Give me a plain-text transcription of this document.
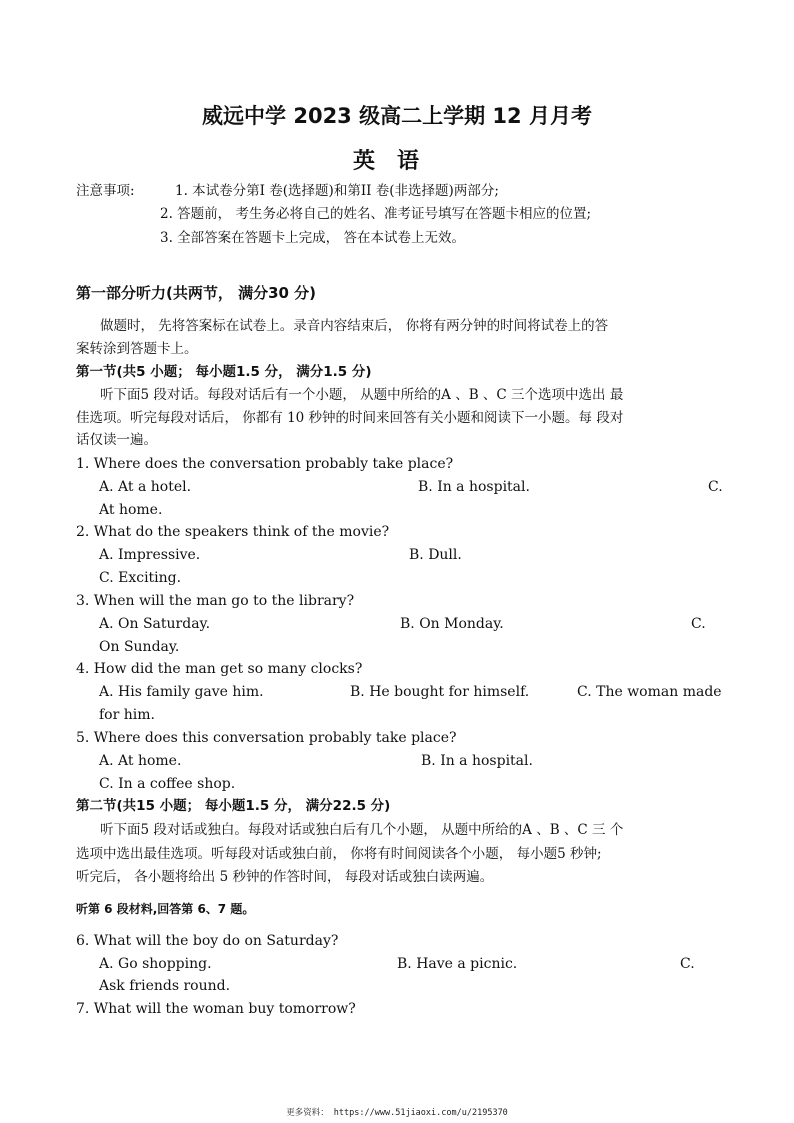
威远中学 2023 级高二上学期 12 月月考
英语
注意事项:	1. 本试卷分第I 卷(选择题)和第II 卷(非选择题)两部分;
2. 答题前， 考生务必将自己的姓名、准考证号填写在答题卡相应的位置;
3. 全部答案在答题卡上完成， 答在本试卷上无效。
第一部分听力(共两节， 满分30 分)
做题时， 先将答案标在试卷上。录音内容结束后， 你将有两分钟的时间将试卷上的答
案转涂到答题卡上。
第一节(共5 小题； 每小题1.5 分， 满分1.5 分)
听下面5 段对话。每段对话后有一个小题， 从题中所给的A 、B 、C 三个选项中选出 最
佳选项。听完每段对话后， 你都有 10 秒钟的时间来回答有关小题和阅读下一小题。每 段对
话仅读一遍。
1. Where does the conversation probably take place?
A. At a hotel.	B. In a hospital.	C.
At home.
2. What do the speakers think of the movie?
A. Impressive.	B. Dull.
C. Exciting.
3. When will the man go to the library?
A. On Saturday.	B. On Monday.	C.
On Sunday.
4. How did the man get so many clocks?
A. His family gave him.	B. He bought for himself.	C. The woman made
for him.
5. Where does this conversation probably take place?
A. At home.	B. In a hospital.
C. In a coffee shop.
第二节(共15 小题； 每小题1.5 分， 满分22.5 分)
听下面5 段对话或独白。每段对话或独白后有几个小题， 从题中所给的A 、B 、C 三 个
选项中选出最佳选项。听每段对话或独白前， 你将有时间阅读各个小题， 每小题5 秒钟;
听完后， 各小题将给出 5 秒钟的作答时间， 每段对话或独白读两遍。
听第 6 段材料,回答第 6、7 题。
6. What will the boy do on Saturday?
A. Go shopping.	B. Have a picnic.	C.
Ask friends round.
7. What will the woman buy tomorrow?
更多资料： https://www.51jiaoxi.com/u/2195370
